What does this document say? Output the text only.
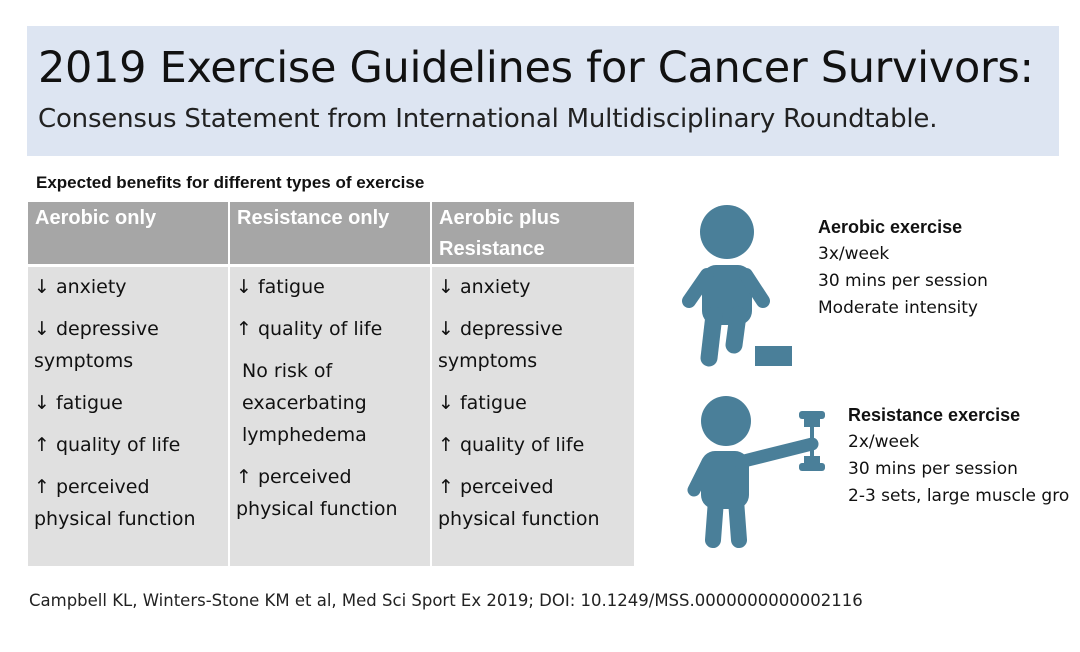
2019 Exercise Guidelines for Cancer Survivors:
Consensus Statement from International Multidisciplinary Roundtable.
Expected benefits for different types of exercise
Aerobic only
↓ anxiety
↓ depressive symptoms
↓ fatigue
↑ quality of life
↑ perceived physical function
Resistance only
↓ fatigue
↑ quality of life
No risk of exacerbating lymphedema
↑ perceived physical function
Aerobic plus Resistance
↓ anxiety
↓ depressive symptoms
↓ fatigue
↑ quality of life
↑ perceived physical function
Aerobic exercise
3x/week
30 mins per session
Moderate intensity
Resistance exercise
2x/week
30 mins per session
2-3 sets, large muscle gro
Campbell KL, Winters-Stone KM et al, Med Sci Sport Ex 2019; DOI: 10.1249/MSS.0000000000002116
